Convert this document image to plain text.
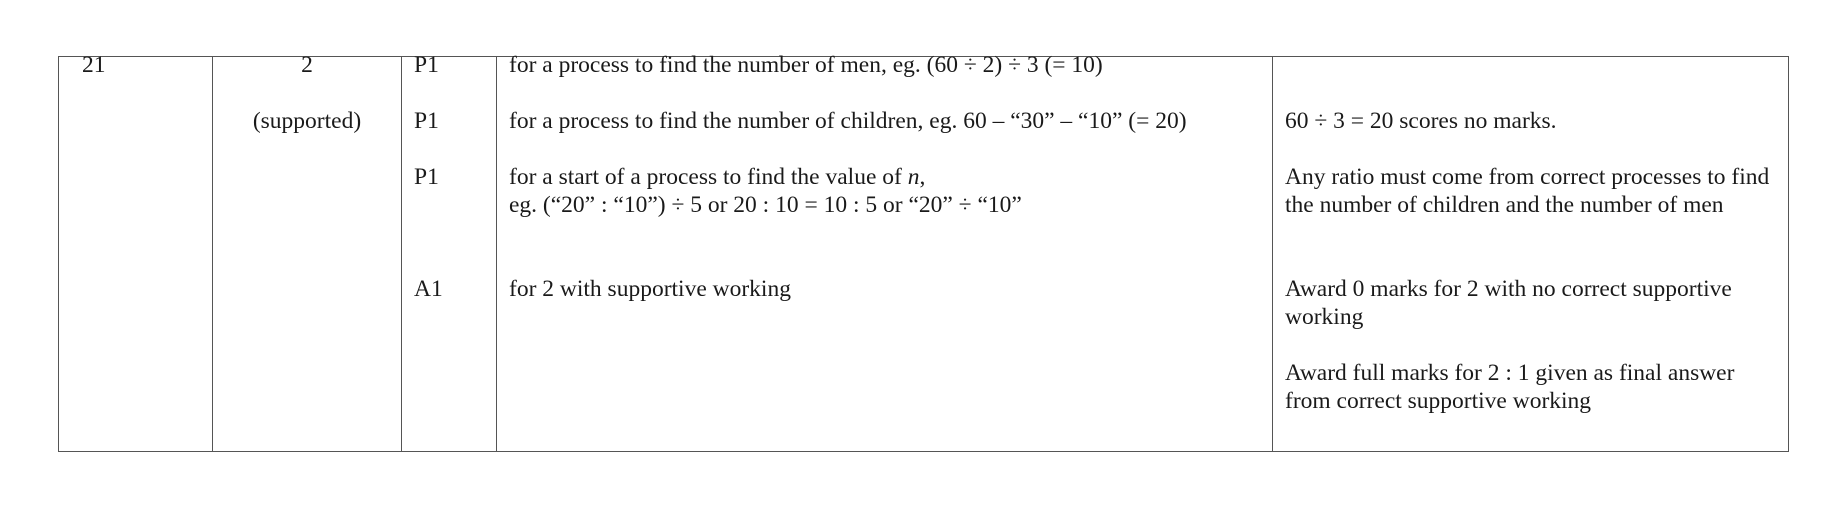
21	2
(supported)
P1
P1
P1
A1
for a process to find the number of men, eg. (60 ÷ 2) ÷ 3 (= 10)
for a process to find the number of children, eg. 60 – “30” – “10” (= 20)
for a start of a process to find the value of n,
eg. (“20” : “10”) ÷ 5 or 20 : 10 = 10 : 5 or “20” ÷ “10”
for 2 with supportive working
60 ÷ 3 = 20 scores no marks.
Any ratio must come from correct processes to find the number of children and the number of men
Award 0 marks for 2 with no correct supportive working
Award full marks for 2 : 1 given as final answer from correct supportive working
